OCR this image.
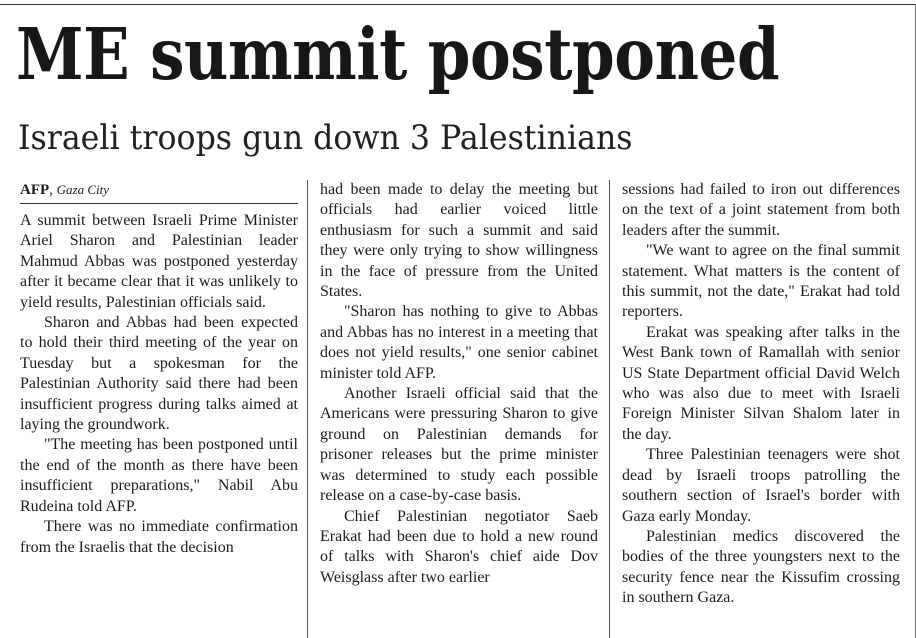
ME summit postponed
Israeli troops gun down 3 Palestinians
AFP, Gaza City

A summit between Israeli Prime Minister Ariel Sharon and Palestinian leader Mahmud Abbas was postponed yesterday after it became clear that it was unlikely to yield results, Palestinian officials said.

Sharon and Abbas had been expected to hold their third meeting of the year on Tuesday but a spokesman for the Palestinian Authority said there had been insufficient progress during talks aimed at laying the groundwork.

"The meeting has been postponed until the end of the month as there have been insufficient preparations," Nabil Abu Rudeina told AFP.

There was no immediate confirmation from the Israelis that the decision

had been made to delay the meeting but officials had earlier voiced little enthusiasm for such a summit and said they were only trying to show willingness in the face of pressure from the United States.

"Sharon has nothing to give to Abbas and Abbas has no interest in a meeting that does not yield results," one senior cabinet minister told AFP.

Another Israeli official said that the Americans were pressuring Sharon to give ground on Palestinian demands for prisoner releases but the prime minister was determined to study each possible release on a case-by-case basis.

Chief Palestinian negotiator Saeb Erakat had been due to hold a new round of talks with Sharon's chief aide Dov Weisglass after two earlier

sessions had failed to iron out differences on the text of a joint statement from both leaders after the summit.

"We want to agree on the final summit statement. What matters is the content of this summit, not the date," Erakat had told reporters.

Erakat was speaking after talks in the West Bank town of Ramallah with senior US State Department official David Welch who was also due to meet with Israeli Foreign Minister Silvan Shalom later in the day.

Three Palestinian teenagers were shot dead by Israeli troops patrolling the southern section of Israel's border with Gaza early Monday.

Palestinian medics discovered the bodies of the three youngsters next to the security fence near the Kissufim crossing in southern Gaza.
